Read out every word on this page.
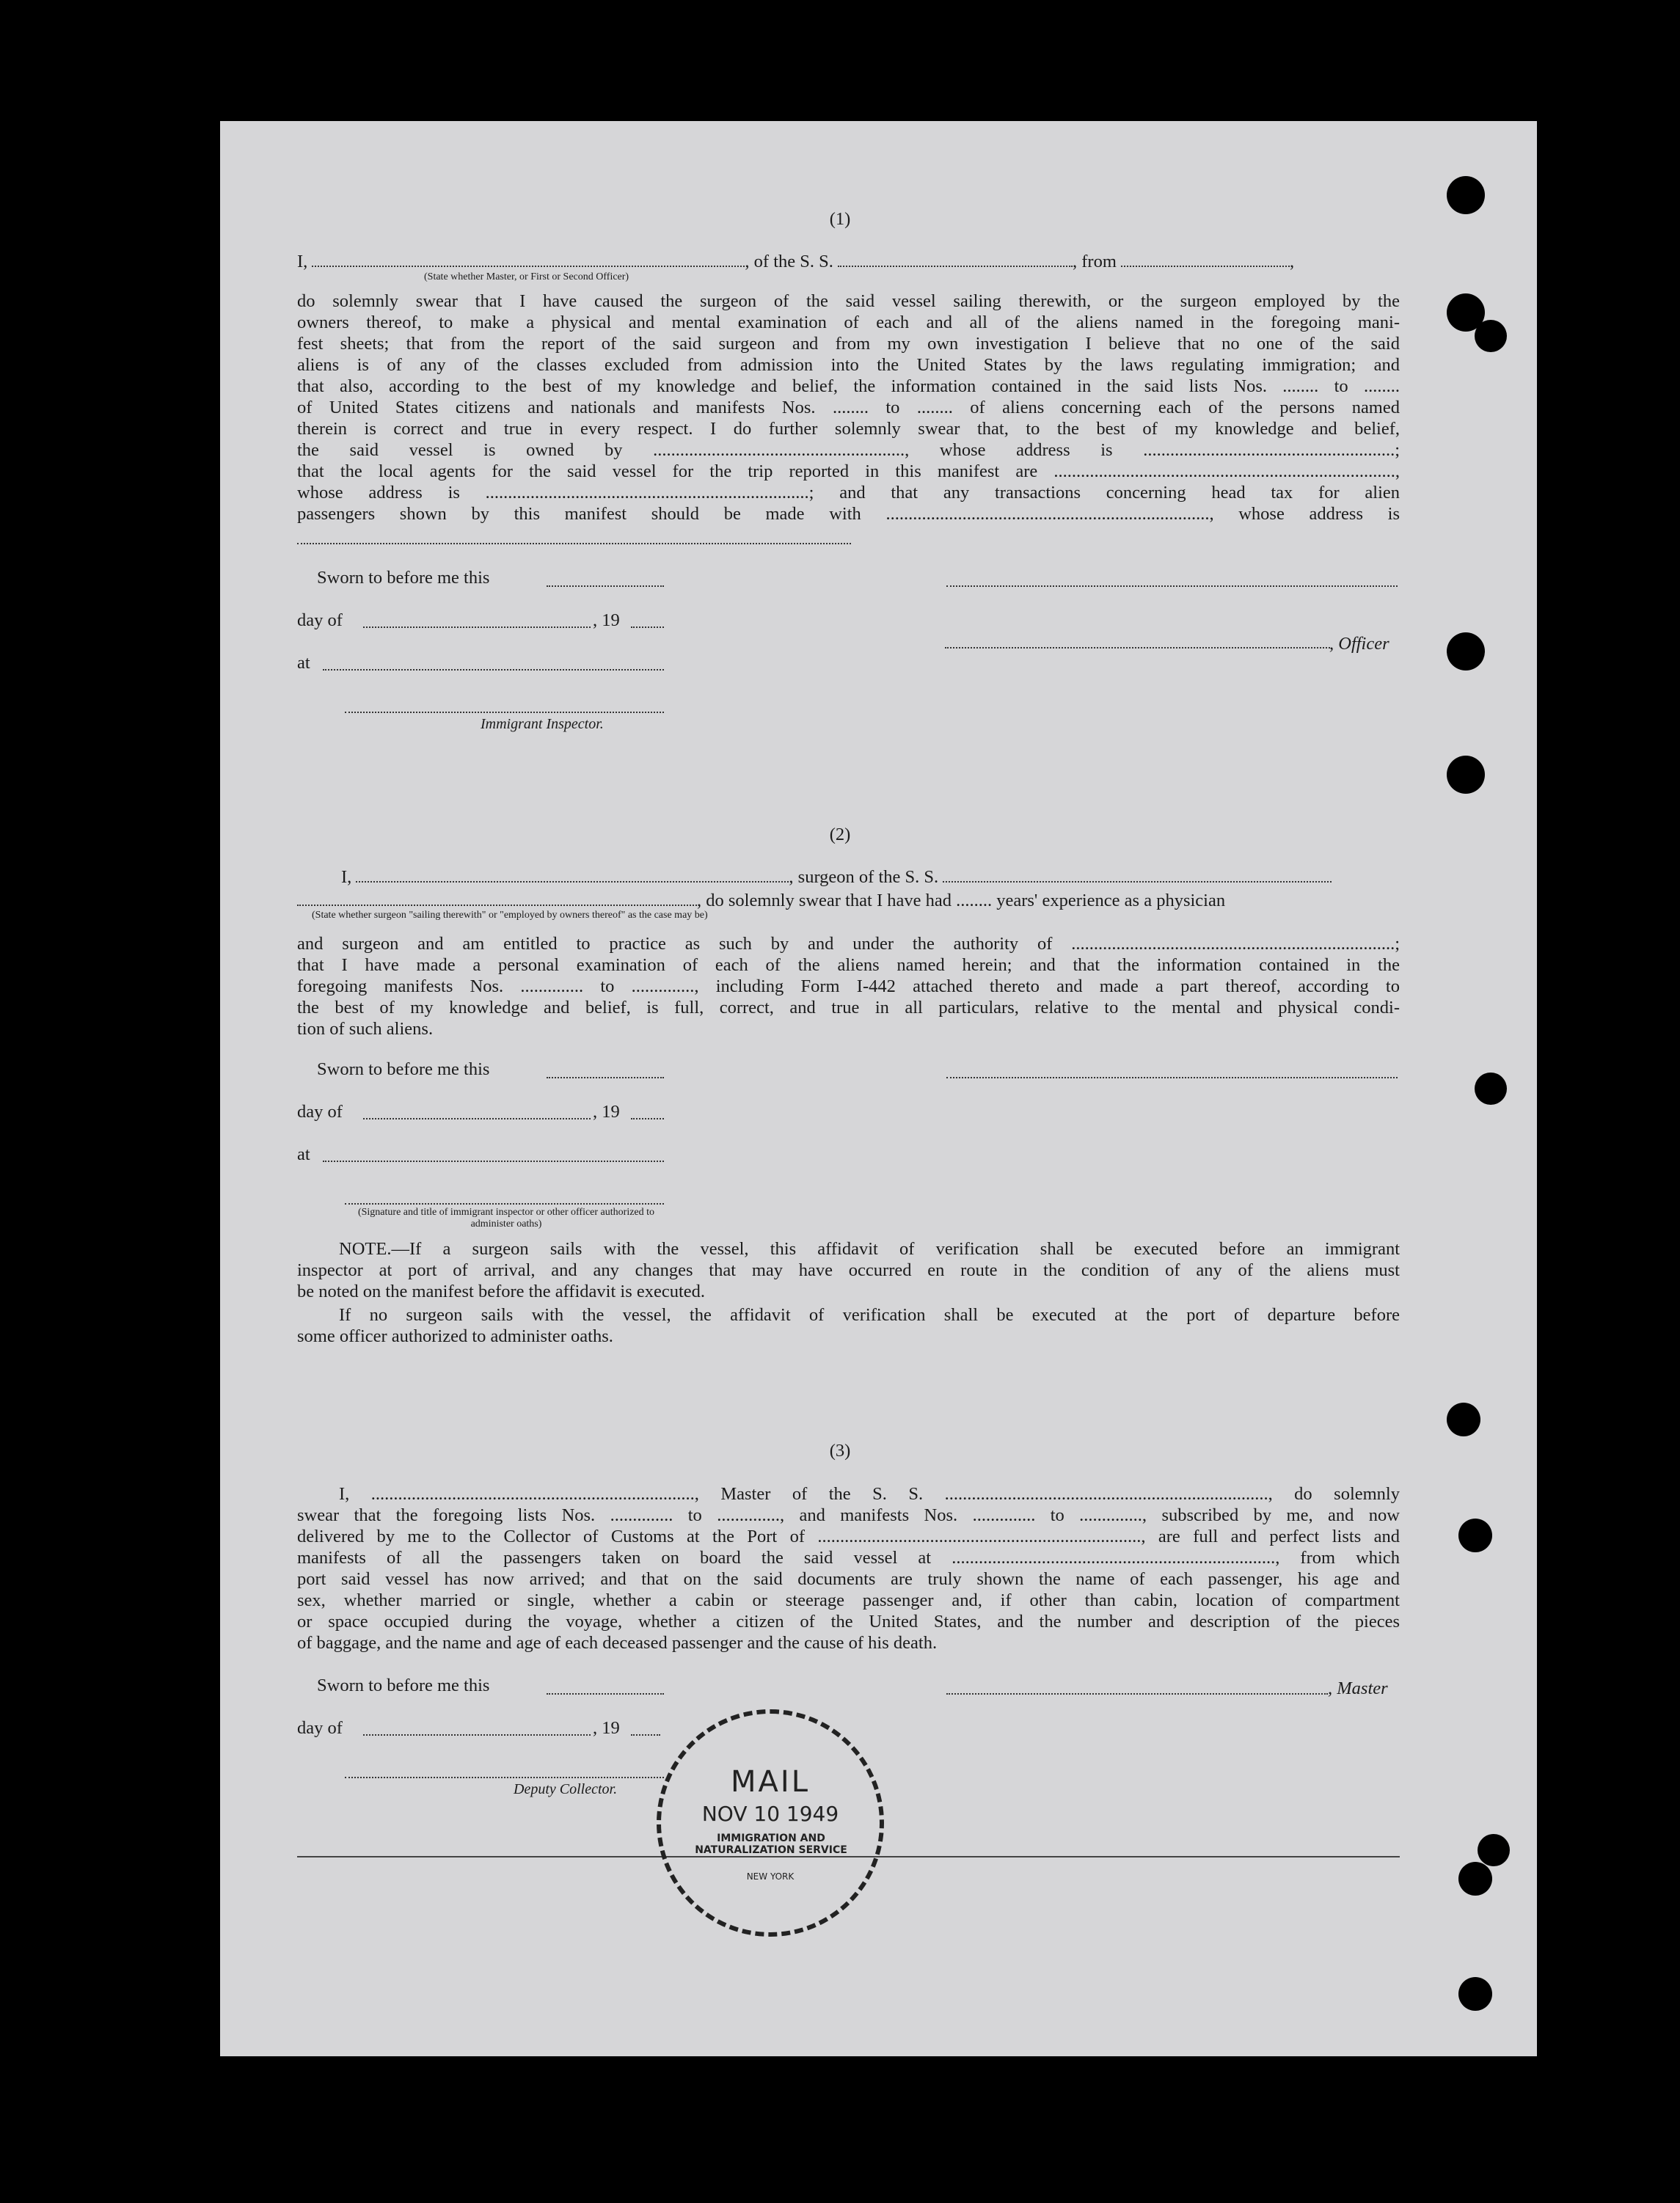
(1)
I,	, of the S. S.	, from	,
(State whether Master, or First or Second Officer)
do solemnly swear that I have caused the surgeon of the said vessel sailing therewith, or the surgeon employed by the
owners thereof, to make a physical and mental examination of each and all of the aliens named in the foregoing mani-
fest sheets; that from the report of the said surgeon and from my own investigation I believe that no one of the said
aliens is of any of the classes excluded from admission into the United States by the laws regulating immigration; and
that also, according to the best of my knowledge and belief, the information contained in the said lists Nos. ........ to ........
of United States citizens and nationals and manifests Nos. ........ to ........ of aliens concerning each of the persons named
therein is correct and true in every respect. I do further solemnly swear that, to the best of my knowledge and belief,
the said vessel is owned by ........................................................, whose address is ........................................................;
that the local agents for the said vessel for the trip reported in this manifest are ............................................................................,
whose address is ........................................................................; and that any transactions concerning head tax for alien
passengers shown by this manifest should be made with ........................................................................, whose address is
Sworn to before me this
day of	, 19
, Officer
at
Immigrant Inspector.
(2)
I,	, surgeon of the S. S.
, do solemnly swear that I have had ........ years' experience as a physician
(State whether surgeon "sailing therewith" or "employed by owners thereof" as the case may be)
and surgeon and am entitled to practice as such by and under the authority of ........................................................................;
that I have made a personal examination of each of the aliens named herein; and that the information contained in the
foregoing manifests Nos. .............. to .............., including Form I-442 attached thereto and made a part thereof, according to
the best of my knowledge and belief, is full, correct, and true in all particulars, relative to the mental and physical condi-
tion of such aliens.
Sworn to before me this
day of	, 19
at
(Signature and title of immigrant inspector or other officer authorized to administer oaths)
NOTE.—If a surgeon sails with the vessel, this affidavit of verification shall be executed before an immigrant
inspector at port of arrival, and any changes that may have occurred en route in the condition of any of the aliens must
be noted on the manifest before the affidavit is executed.
If no surgeon sails with the vessel, the affidavit of verification shall be executed at the port of departure before
some officer authorized to administer oaths.
(3)
I, ........................................................................, Master of the S. S. ........................................................................, do solemnly
swear that the foregoing lists Nos. .............. to .............., and manifests Nos. .............. to .............., subscribed by me, and now
delivered by me to the Collector of Customs at the Port of ........................................................................, are full and perfect lists and
manifests of all the passengers taken on board the said vessel at ........................................................................, from which
port said vessel has now arrived; and that on the said documents are truly shown the name of each passenger, his age and
sex, whether married or single, whether a cabin or steerage passenger and, if other than cabin, location of compartment
or space occupied during the voyage, whether a citizen of the United States, and the number and description of the pieces
of baggage, and the name and age of each deceased passenger and the cause of his death.
Sworn to before me this	, Master
day of	, 19
Deputy Collector.	MAIL
NOV 10 1949
IMMIGRATION AND NATURALIZATION SERVICE
NEW YORK
